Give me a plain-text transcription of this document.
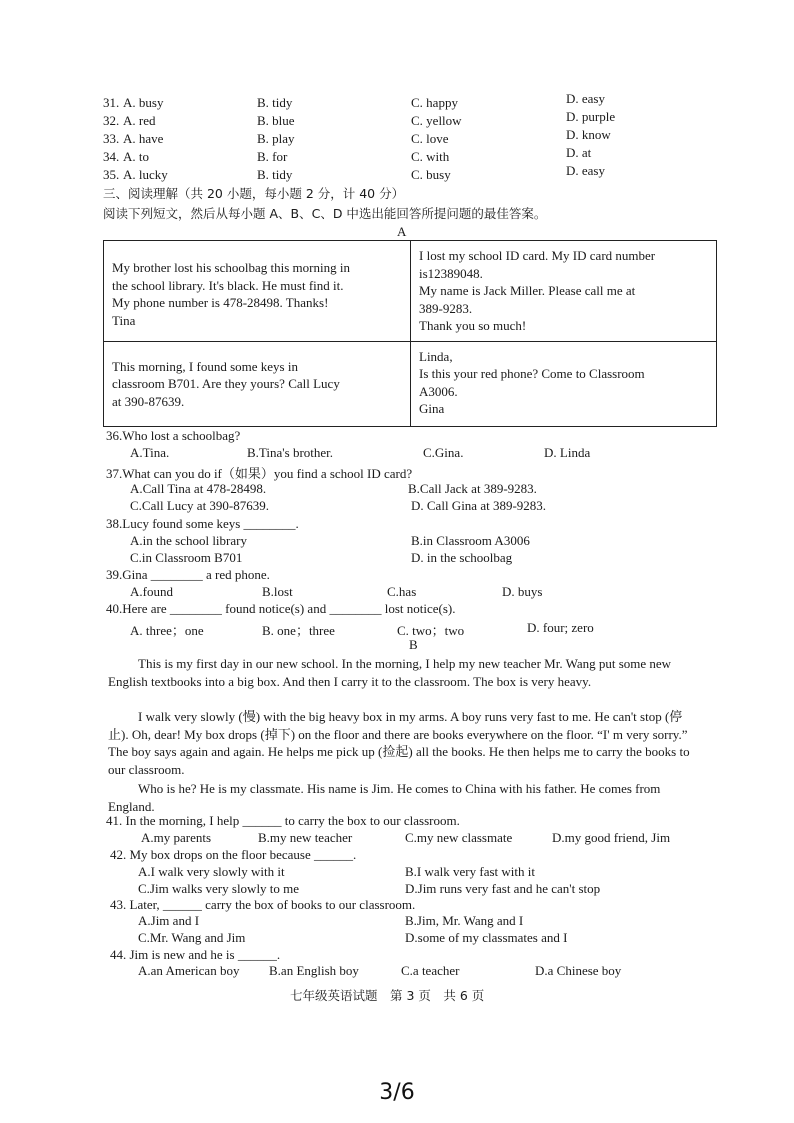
31. A. busy	B. tidy	C. happy	D. easy
32. A. red	B. blue	C. yellow	D. purple
33. A. have	B. play	C. love	D. know
34. A. to	B. for	C. with	D. at
35. A. lucky	B. tidy	C. busy	D. easy
三、阅读理解（共 20 小题，每小题 2 分，计 40 分）
阅读下列短文，然后从每小题 A、B、C、D 中选出能回答所提问题的最佳答案。
A
My brother lost his schoolbag this morning in
the school library. It's black. He must find it.
My phone number is 478-28498. Thanks!
Tina	I lost my school ID card. My ID card number
is12389048.
My name is Jack Miller. Please call me at
389-9283.
Thank you so much!

This morning, I found some keys in
classroom B701. Are they yours? Call Lucy
at 390-87639.	Linda,
Is this your red phone? Come to Classroom
A3006.
Gina
36.Who lost a schoolbag?
A.Tina.	B.Tina's brother.	C.Gina.	D. Linda
37.What can you do if（如果）you find a school ID card?
A.Call Tina at 478-28498.	B.Call Jack at 389-9283.
C.Call Lucy at 390-87639.	D. Call Gina at 389-9283.
38.Lucy found some keys ________.
A.in the school library	B.in Classroom A3006
C.in Classroom B701	D. in the schoolbag
39.Gina ________ a red phone.
A.found	B.lost	C.has	D. buys
40.Here are ________ found notice(s) and ________ lost notice(s).
A. three；one	B. one；three	C. two；two	D. four; zero
B
This is my first day in our new school. In the morning, I help my new teacher Mr. Wang put some new English textbooks into a big box. And then I carry it to the classroom. The box is very heavy.
I walk very slowly (慢) with the big heavy box in my arms. A boy runs very fast to me. He can't stop (停止). Oh, dear! My box drops (掉下) on the floor and there are books everywhere on the floor. “I' m very sorry.” The boy says again and again. He helps me pick up (捡起) all the books. He then helps me to carry the books to our classroom.
Who is he? He is my classmate. His name is Jim. He comes to China with his father. He comes from England.
41. In the morning, I help ______ to carry the box to our classroom.
A.my parents	B.my new teacher	C.my new classmate	D.my good friend, Jim
42. My box drops on the floor because ______.
A.I walk very slowly with it	B.I walk very fast with it
C.Jim walks very slowly to me	D.Jim runs very fast and he can't stop
43. Later, ______ carry the box of books to our classroom.
A.Jim and I	B.Jim, Mr. Wang and I
C.Mr. Wang and Jim	D.some of my classmates and I
44. Jim is new and he is ______.
A.an American boy B.an English boy	C.a teacher	D.a Chinese boy
七年级英语试题　第 3 页　共 6 页
3/6
